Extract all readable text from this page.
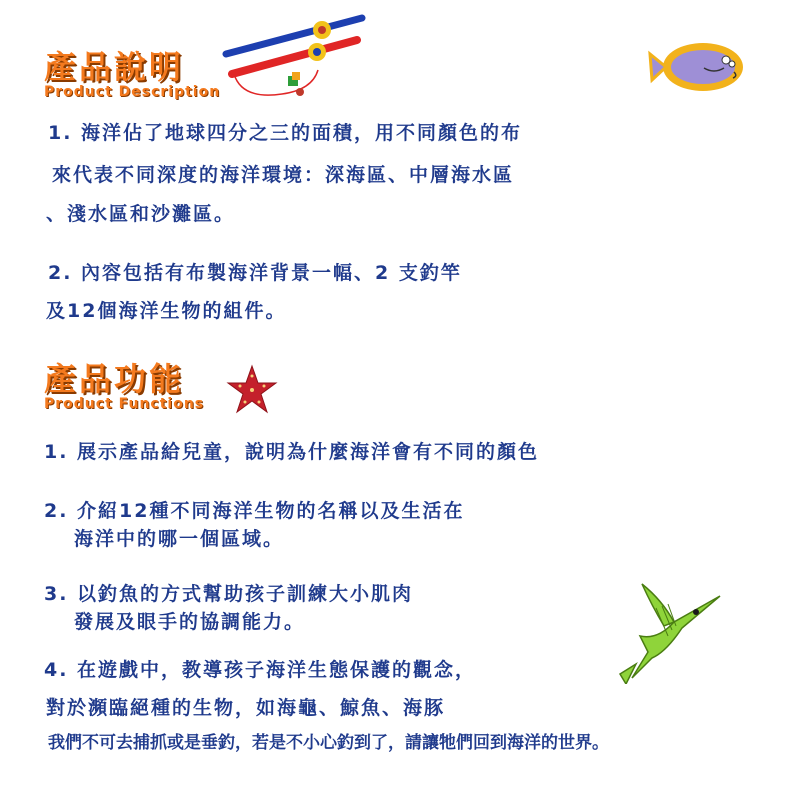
產品說明
Product Description
1. 海洋佔了地球四分之三的面積，用不同顏色的布
來代表不同深度的海洋環境：深海區、中層海水區
、淺水區和沙灘區。
2. 內容包括有布製海洋背景一幅、2 支釣竿
及12個海洋生物的組件。
產品功能
Product Functions
1. 展示產品給兒童，說明為什麼海洋會有不同的顏色
2. 介紹12種不同海洋生物的名稱以及生活在
海洋中的哪一個區域。
3. 以釣魚的方式幫助孩子訓練大小肌肉
發展及眼手的協調能力。
4. 在遊戲中，教導孩子海洋生態保護的觀念，
對於瀕臨絕種的生物，如海龜、鯨魚、海豚
我們不可去捕抓或是垂釣，若是不小心釣到了，請讓牠們回到海洋的世界。
